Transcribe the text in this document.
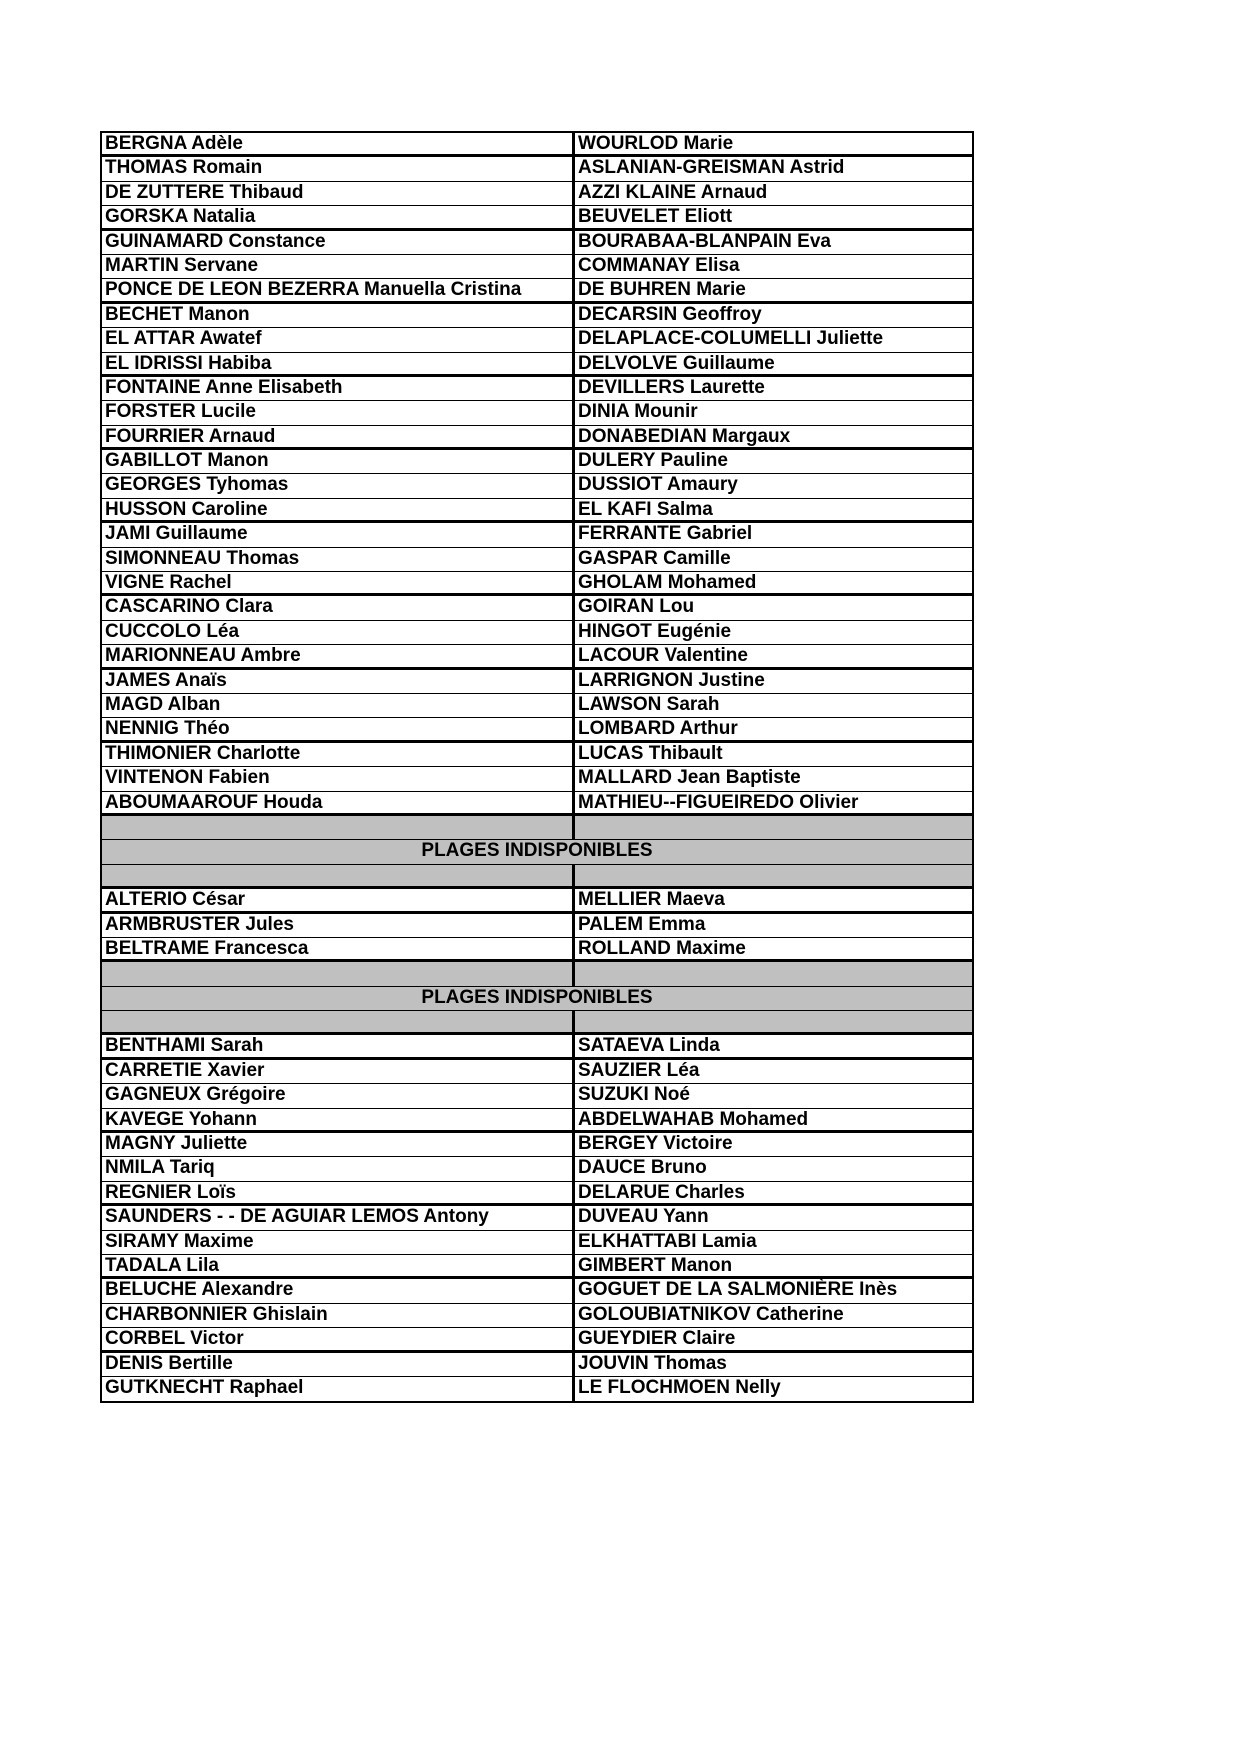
BERGNA Adèle	WOURLOD Marie
THOMAS Romain	ASLANIAN-GREISMAN Astrid
DE ZUTTERE Thibaud	AZZI KLAINE Arnaud
GORSKA Natalia	BEUVELET Eliott
GUINAMARD Constance	BOURABAA-BLANPAIN Eva
MARTIN Servane	COMMANAY Elisa
PONCE DE LEON BEZERRA Manuella Cristina	DE BUHREN Marie
BECHET Manon	DECARSIN Geoffroy
EL ATTAR Awatef	DELAPLACE-COLUMELLI Juliette
EL IDRISSI Habiba	DELVOLVE Guillaume
FONTAINE Anne Elisabeth	DEVILLERS Laurette
FORSTER Lucile	DINIA Mounir
FOURRIER Arnaud	DONABEDIAN Margaux
GABILLOT Manon	DULERY Pauline
GEORGES Tyhomas	DUSSIOT Amaury
HUSSON Caroline	EL KAFI Salma
JAMI Guillaume	FERRANTE Gabriel
SIMONNEAU Thomas	GASPAR Camille
VIGNE Rachel	GHOLAM Mohamed
CASCARINO Clara	GOIRAN Lou
CUCCOLO Léa	HINGOT Eugénie
MARIONNEAU Ambre	LACOUR Valentine
JAMES Anaïs	LARRIGNON Justine
MAGD Alban	LAWSON Sarah
NENNIG Théo	LOMBARD Arthur
THIMONIER Charlotte	LUCAS Thibault
VINTENON Fabien	MALLARD Jean Baptiste
ABOUMAAROUF Houda	MATHIEU--FIGUEIREDO Olivier
PLAGES INDISPONIBLES
ALTERIO César	MELLIER Maeva
ARMBRUSTER Jules	PALEM Emma
BELTRAME Francesca	ROLLAND Maxime
PLAGES INDISPONIBLES
BENTHAMI Sarah	SATAEVA Linda
CARRETIE Xavier	SAUZIER Léa
GAGNEUX Grégoire	SUZUKI Noé
KAVEGE Yohann	ABDELWAHAB Mohamed
MAGNY Juliette	BERGEY Victoire
NMILA Tariq	DAUCE Bruno
REGNIER Loïs	DELARUE Charles
SAUNDERS - - DE AGUIAR LEMOS Antony	DUVEAU Yann
SIRAMY Maxime	ELKHATTABI Lamia
TADALA Lila	GIMBERT Manon
BELUCHE Alexandre	GOGUET DE LA SALMONIÈRE Inès
CHARBONNIER Ghislain	GOLOUBIATNIKOV Catherine
CORBEL Victor	GUEYDIER Claire
DENIS Bertille	JOUVIN Thomas
GUTKNECHT Raphael	LE FLOCHMOEN Nelly
